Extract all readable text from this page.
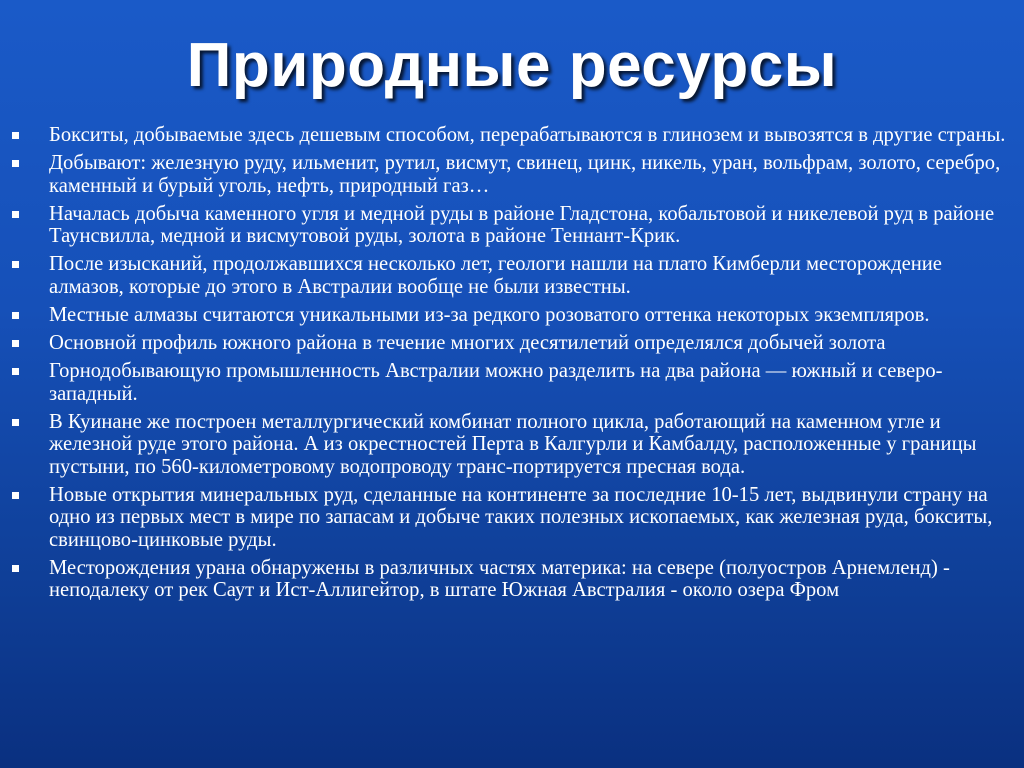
Природные ресурсы
Бокситы, добываемые здесь дешевым способом, перерабатываются в глинозем и вывозятся в другие страны.
Добывают: железную руду, ильменит, рутил, висмут, свинец, цинк, никель, уран, вольфрам, золото, серебро, каменный и бурый уголь, нефть, природный газ…
Началась добыча каменного угля и медной руды в районе Гладстона, кобальтовой и никелевой руд в районе Таунсвилла, медной и висмутовой руды, золота в районе Теннант-Крик.
После изысканий, продолжавшихся несколько лет, геологи нашли на плато Кимберли месторождение алмазов, которые до этого в Австралии вообще не были известны.
Местные алмазы считаются уникальными из-за редкого розоватого оттенка некоторых экземпляров.
Основной профиль южного района в течение многих десятилетий определялся добычей золота
Горнодобывающую промышленность Австралии можно разделить на два района — южный и северо-западный.
В Куинане же построен металлургический комбинат полного цикла, работающий на каменном угле и железной руде этого района. А из окрестностей Перта в Калгурли и Камбалду, расположенные у границы пустыни, по 560-километровому водопроводу транс-портируется пресная вода.
Новые открытия минеральных руд, сделанные на континенте за последние 10-15 лет, выдвинули страну на одно из первых мест в мире по запасам и добыче таких полезных ископаемых, как железная руда, бокситы, свинцово-цинковые руды.
Месторождения урана обнаружены в различных частях материка: на севере (полуостров Арнемленд) - неподалеку от рек Саут и Ист-Аллигейтор, в штате Южная Австралия - около озера Фром
